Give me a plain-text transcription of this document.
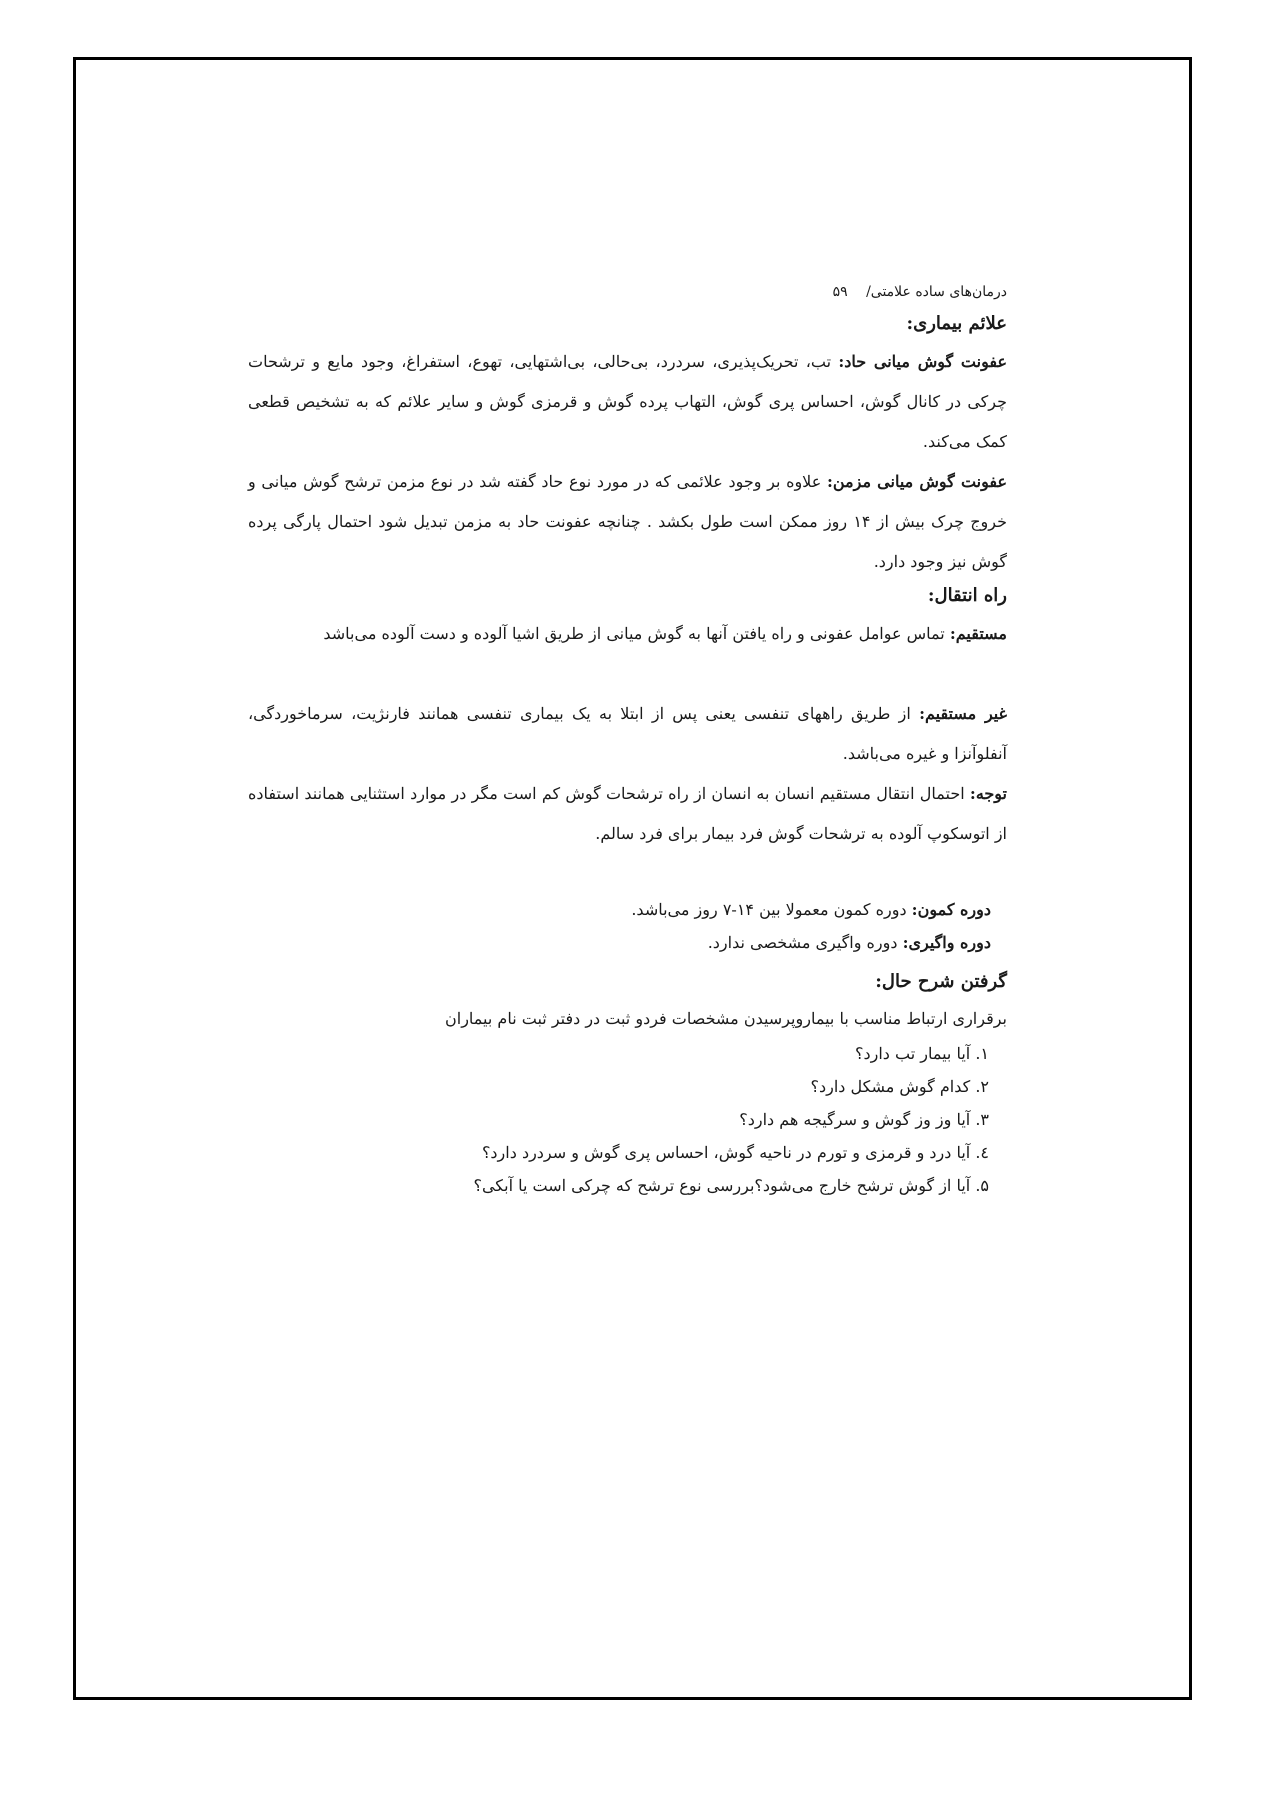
درمان‌های ساده علامتی/ ۵۹
علائم بیماری:
عفونت گوش میانی حاد: تب، تحریک‌پذیری، سردرد، بی‌حالی، بی‌اشتهایی، تهوع، استفراغ، وجود مایع و ترشحات چرکی در کانال گوش، احساس پری گوش، التهاب پرده گوش و قرمزی گوش و سایر علائم که به تشخیص قطعی کمک می‌کند.
عفونت گوش میانی مزمن: علاوه بر وجود علائمی که در مورد نوع حاد گفته شد در نوع مزمن ترشح گوش میانی و خروج چرک بیش از ۱۴ روز ممکن است طول بکشد . چنانچه عفونت حاد به مزمن تبدیل شود احتمال پارگی پرده گوش نیز وجود دارد.
راه انتقال:
مستقیم: تماس عوامل عفونی و راه یافتن آنها به گوش میانی از طریق اشیا آلوده و دست آلوده می‌باشد
غیر مستقیم: از طریق راههای تنفسی یعنی پس از ابتلا به یک بیماری تنفسی همانند فارنژیت، سرماخوردگی، آنفلوآنزا و غیره می‌باشد.
توجه: احتمال انتقال مستقیم انسان به انسان از راه ترشحات گوش کم است مگر در موارد استثنایی همانند استفاده از اتوسکوپ آلوده به ترشحات گوش فرد بیمار برای فرد سالم.
دوره کمون: دوره کمون معمولا بین ۱۴-۷ روز می‌باشد.
دوره واگیری: دوره واگیری مشخصی ندارد.
گرفتن شرح حال:
برقراری ارتباط مناسب با بیماروپرسیدن مشخصات فردو ثبت در دفتر ثبت نام بیماران
۱. آیا بیمار تب دارد؟
۲. کدام گوش مشکل دارد؟
۳. آیا وز وز گوش و سرگیجه هم دارد؟
٤. آیا درد و قرمزی و تورم در ناحیه گوش، احساس پری گوش و سردرد دارد؟
۵. آیا از گوش ترشح خارج می‌شود؟بررسی نوع ترشح که چرکی است یا آبکی؟
